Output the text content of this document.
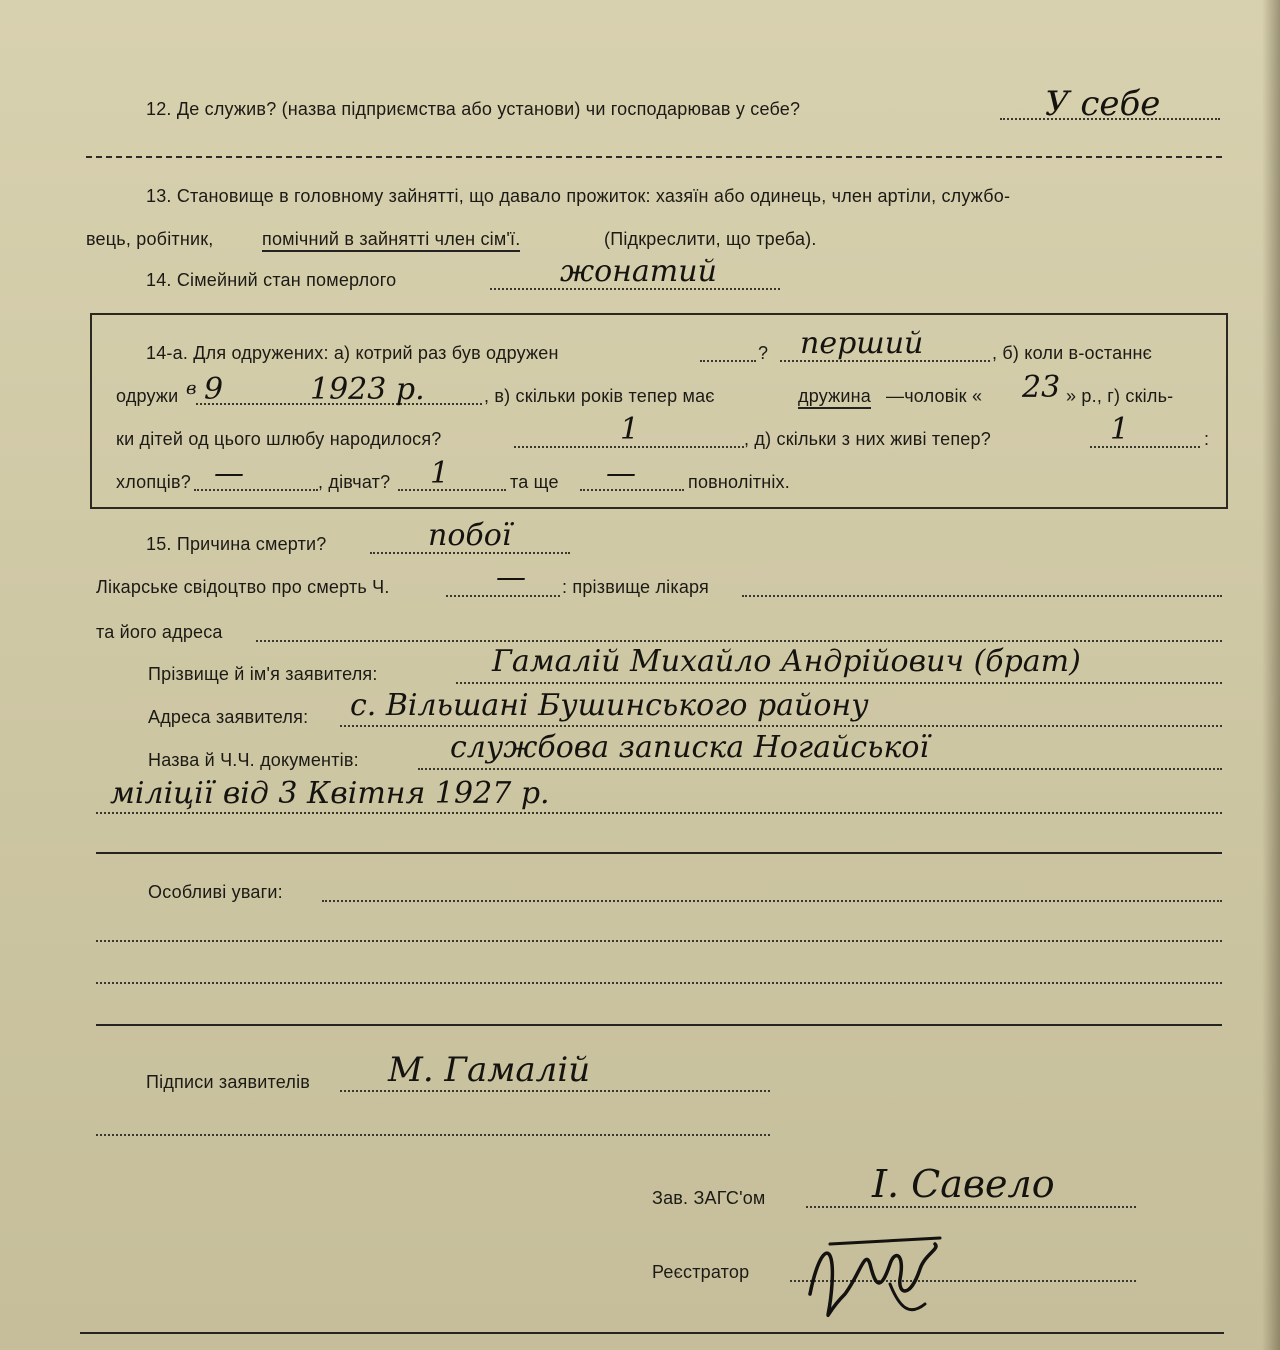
12. Де служив? (назва підприємства або установи) чи господарював у себе?	У себе
13. Становище в головному зайнятті, що давало прожиток: хазяїн або одинець, член артіли, службо-
вець, робітник,	помічний в зайнятті член сім'ї.	(Підкреслити, що треба).
14. Сімейний стан померлого	жонатий
14-а. Для одружених: а) котрий раз був одружен	? перший	, б) коли в-останнє
одружи в 9	1923 р.	, в) скільки років тепер має	дружина —чоловік « 23 » р., г) скіль-
ки дітей од цього шлюбу народилося?	1	, д) скільки з них живі тепер?	1	:
хлопців? —	, дівчат? 1	та ще —	повнолітніх.
15. Причина смерти?	побої
Лікарське свідоцтво про смерть Ч.	— : прізвище лікаря
та його адреса
Прізвище й ім'я заявителя:	Гамалій Михайло Андрійович (брат)
Адреса заявителя: с. Вільшані Бушинського району
Назва й Ч.Ч. документів:	службова записка Ногайської
міліції від 3 Квітня 1927 р.
Особливі уваги:
Підписи заявителів М. Гамалій
Зав. ЗАГС'ом	І. Савело
Реєстратор
